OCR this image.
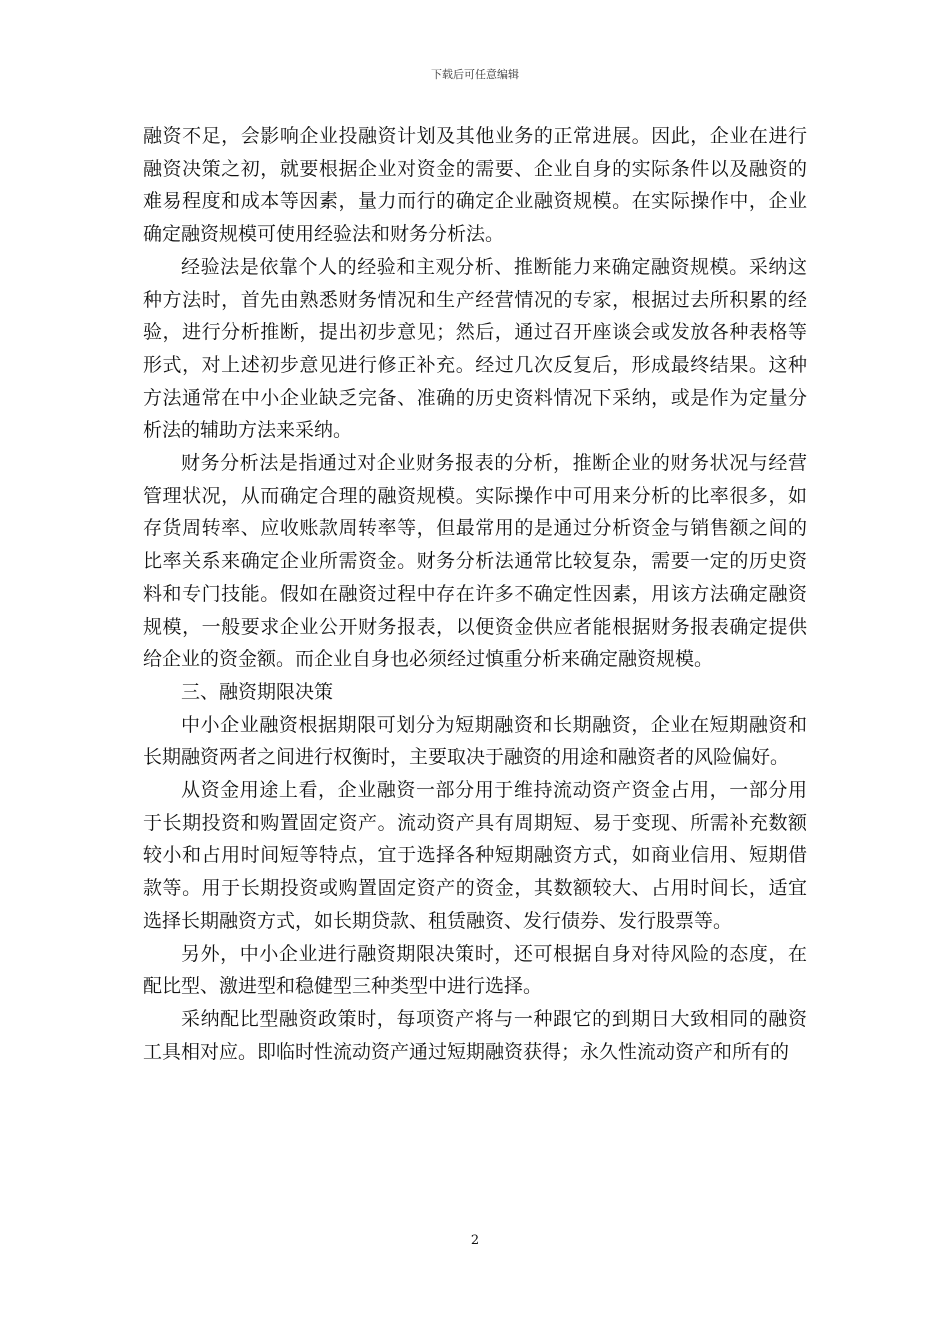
下载后可任意编辑

融资不足，会影响企业投融资计划及其他业务的正常进展。因此，企业在进行融资决策之初，就要根据企业对资金的需要、企业自身的实际条件以及融资的难易程度和成本等因素，量力而行的确定企业融资规模。在实际操作中，企业确定融资规模可使用经验法和财务分析法。

经验法是依靠个人的经验和主观分析、推断能力来确定融资规模。采纳这种方法时，首先由熟悉财务情况和生产经营情况的专家，根据过去所积累的经验，进行分析推断，提出初步意见；然后，通过召开座谈会或发放各种表格等形式，对上述初步意见进行修正补充。经过几次反复后，形成最终结果。这种方法通常在中小企业缺乏完备、准确的历史资料情况下采纳，或是作为定量分析法的辅助方法来采纳。

财务分析法是指通过对企业财务报表的分析，推断企业的财务状况与经营管理状况，从而确定合理的融资规模。实际操作中可用来分析的比率很多，如存货周转率、应收账款周转率等，但最常用的是通过分析资金与销售额之间的比率关系来确定企业所需资金。财务分析法通常比较复杂，需要一定的历史资料和专门技能。假如在融资过程中存在许多不确定性因素，用该方法确定融资规模，一般要求企业公开财务报表，以便资金供应者能根据财务报表确定提供给企业的资金额。而企业自身也必须经过慎重分析来确定融资规模。

三、融资期限决策

中小企业融资根据期限可划分为短期融资和长期融资，企业在短期融资和长期融资两者之间进行权衡时，主要取决于融资的用途和融资者的风险偏好。

从资金用途上看，企业融资一部分用于维持流动资产资金占用，一部分用于长期投资和购置固定资产。流动资产具有周期短、易于变现、所需补充数额较小和占用时间短等特点，宜于选择各种短期融资方式，如商业信用、短期借款等。用于长期投资或购置固定资产的资金，其数额较大、占用时间长，适宜选择长期融资方式，如长期贷款、租赁融资、发行债券、发行股票等。

另外，中小企业进行融资期限决策时，还可根据自身对待风险的态度，在配比型、激进型和稳健型三种类型中进行选择。

采纳配比型融资政策时，每项资产将与一种跟它的到期日大致相同的融资工具相对应。即临时性流动资产通过短期融资获得；永久性流动资产和所有的

2
